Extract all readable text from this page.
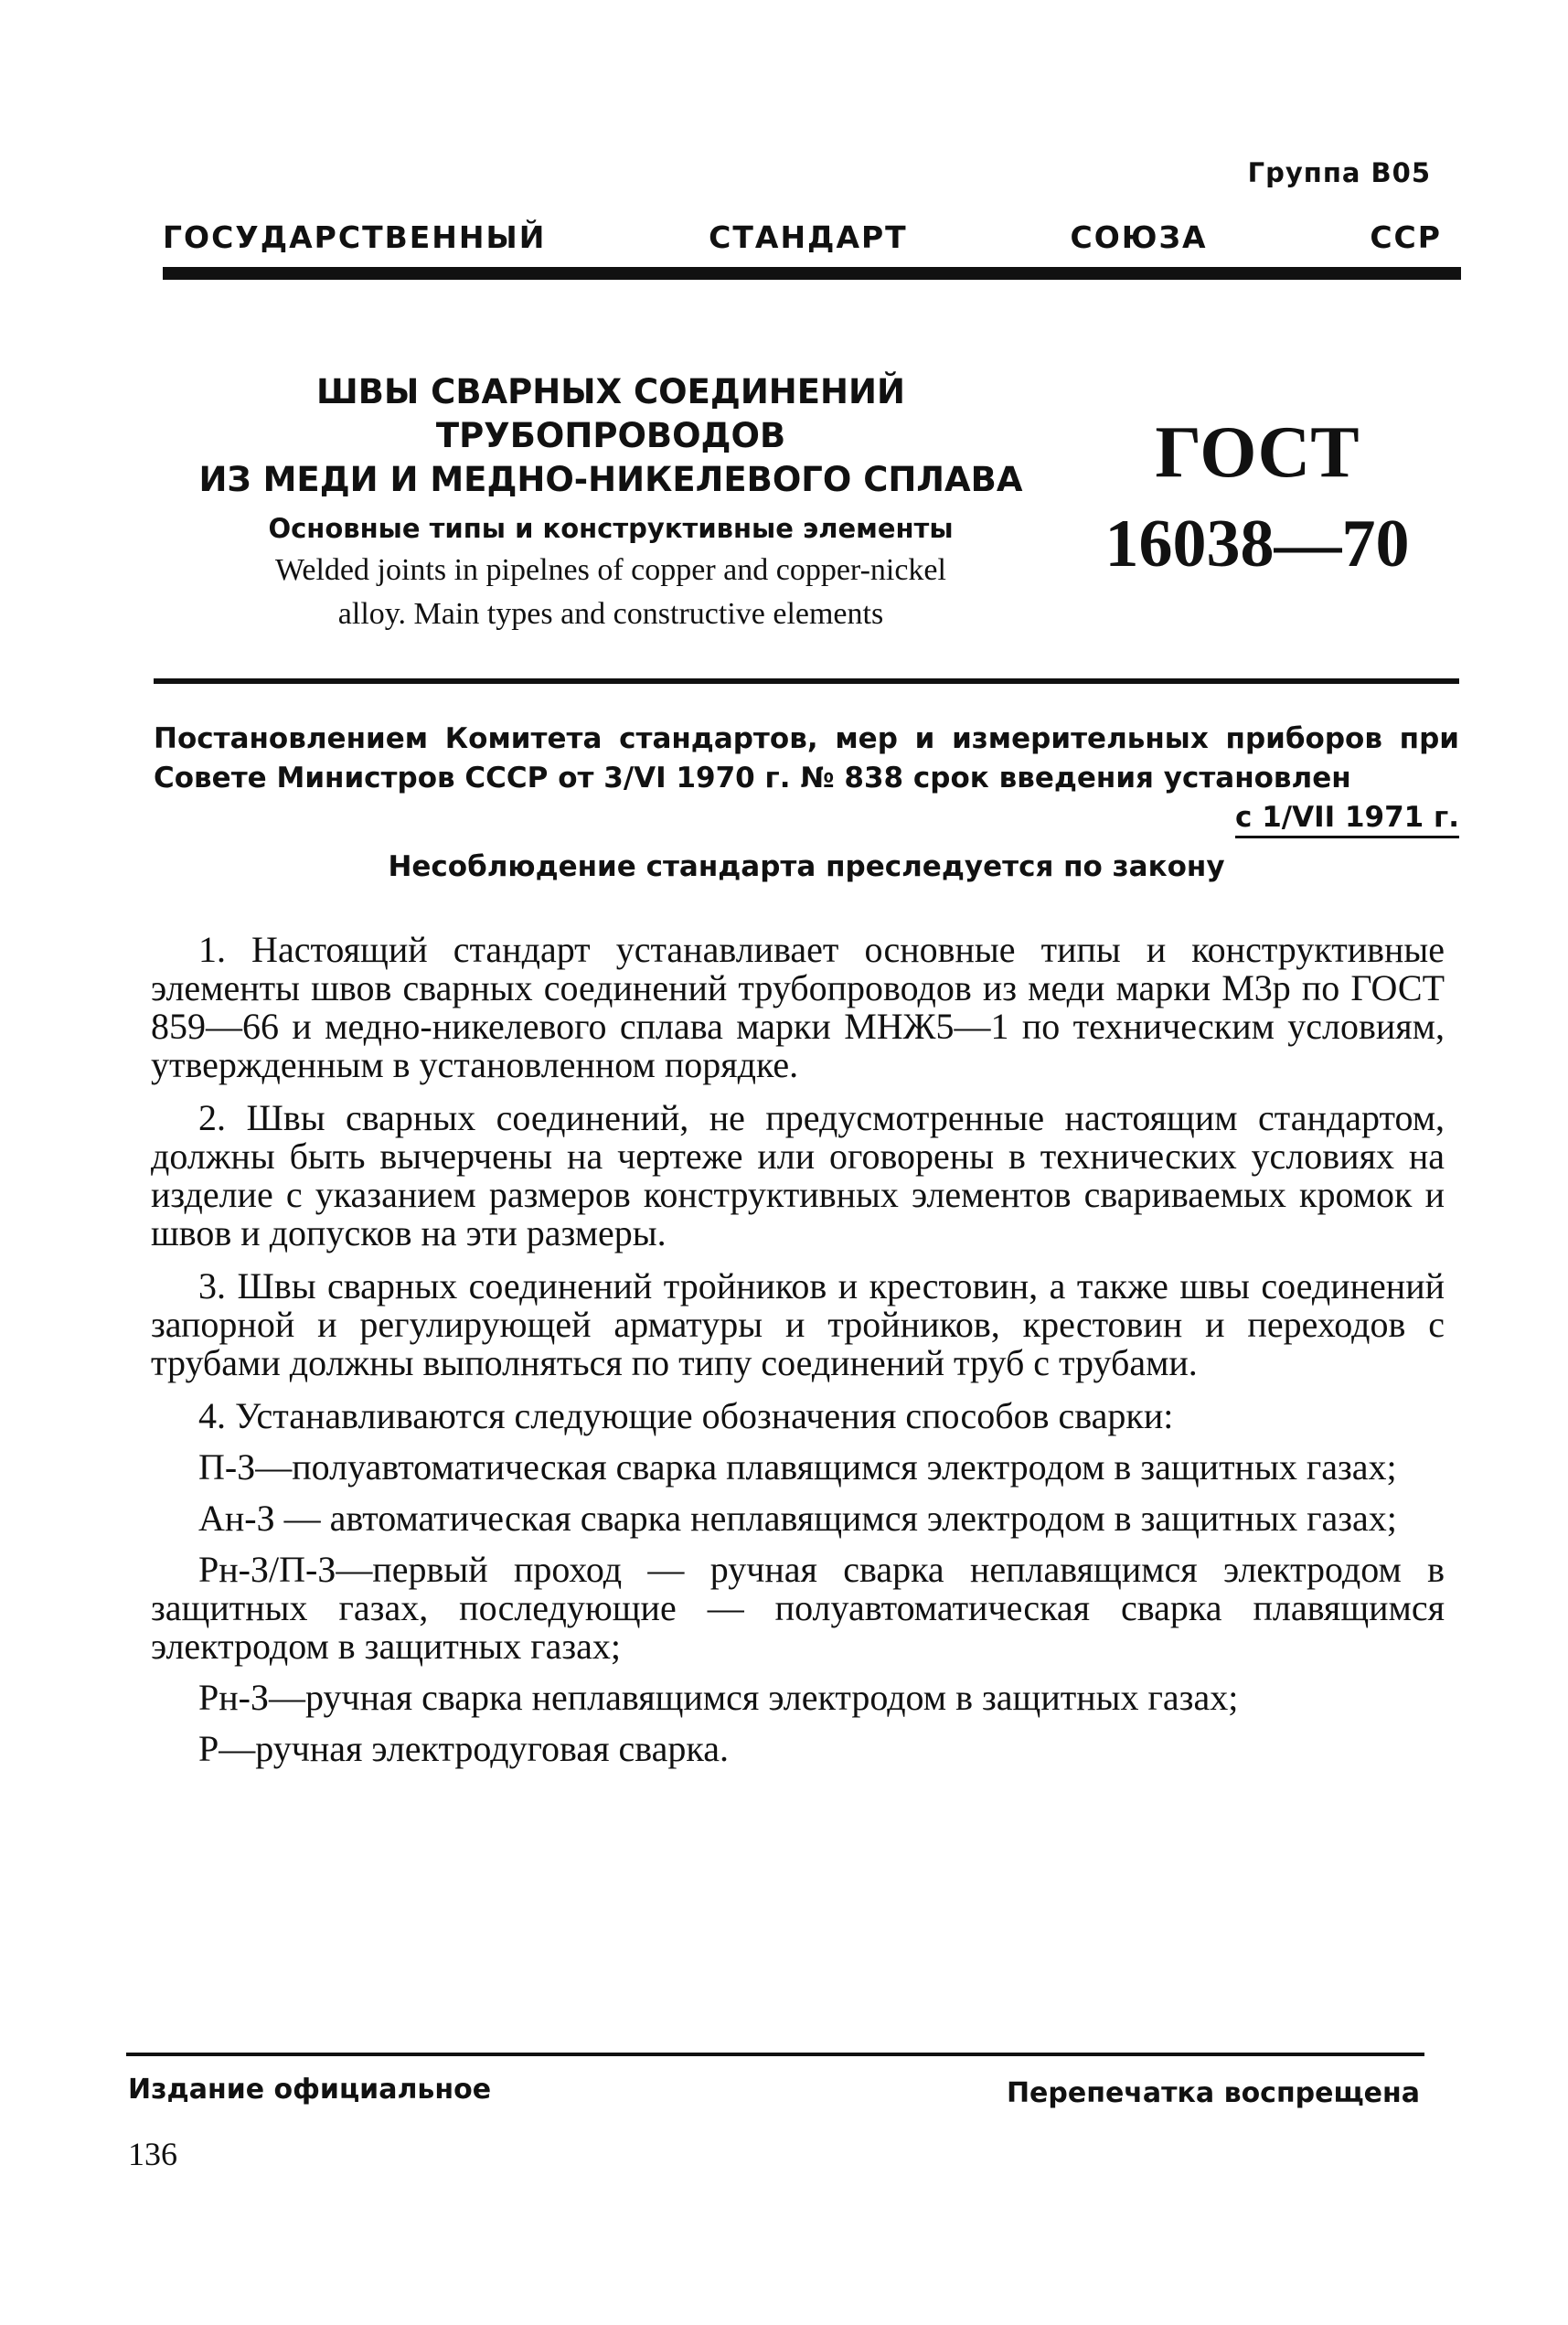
Группа В05
ГОСУДАРСТВЕННЫЙ	СТАНДАРТ	СОЮЗА	ССР
ШВЫ СВАРНЫХ СОЕДИНЕНИЙ ТРУБОПРОВОДОВ
ИЗ МЕДИ И МЕДНО-НИКЕЛЕВОГО СПЛАВА
Основные типы и конструктивные элементы
Welded joints in pipelnes of copper and copper-nickel
alloy. Main types and constructive elements
ГОСТ
16038—70
Постановлением Комитета стандартов, мер и измерительных приборов при Совете Министров СССР от 3/VI 1970 г. № 838 срок введения установлен
с 1/VII 1971 г.
Несоблюдение стандарта преследуется по закону

1. Настоящий стандарт устанавливает основные типы и конструктивные элементы швов сварных соединений трубопроводов из меди марки М3р по ГОСТ 859—66 и медно-никелевого сплава марки МНЖ5—1 по техническим условиям, утвержденным в установленном порядке.

2. Швы сварных соединений, не предусмотренные настоящим стандартом, должны быть вычерчены на чертеже или оговорены в технических условиях на изделие с указанием размеров конструктивных элементов свариваемых кромок и швов и допусков на эти размеры.

3. Швы сварных соединений тройников и крестовин, а также швы соединений запорной и регулирующей арматуры и тройников, крестовин и переходов с трубами должны выполняться по типу соединений труб с трубами.

4. Устанавливаются следующие обозначения способов сварки:

П-З—полуавтоматическая сварка плавящимся электродом в защитных газах;

Ан-З — автоматическая сварка неплавящимся электродом в защитных газах;

Рн-З/П-З—первый проход — ручная сварка неплавящимся электродом в защитных газах, последующие — полуавтоматическая сварка плавящимся электродом в защитных газах;

Рн-З—ручная сварка неплавящимся электродом в защитных газах;

Р—ручная электродуговая сварка.

Издание официальное	Перепечатка воспрещена
136
